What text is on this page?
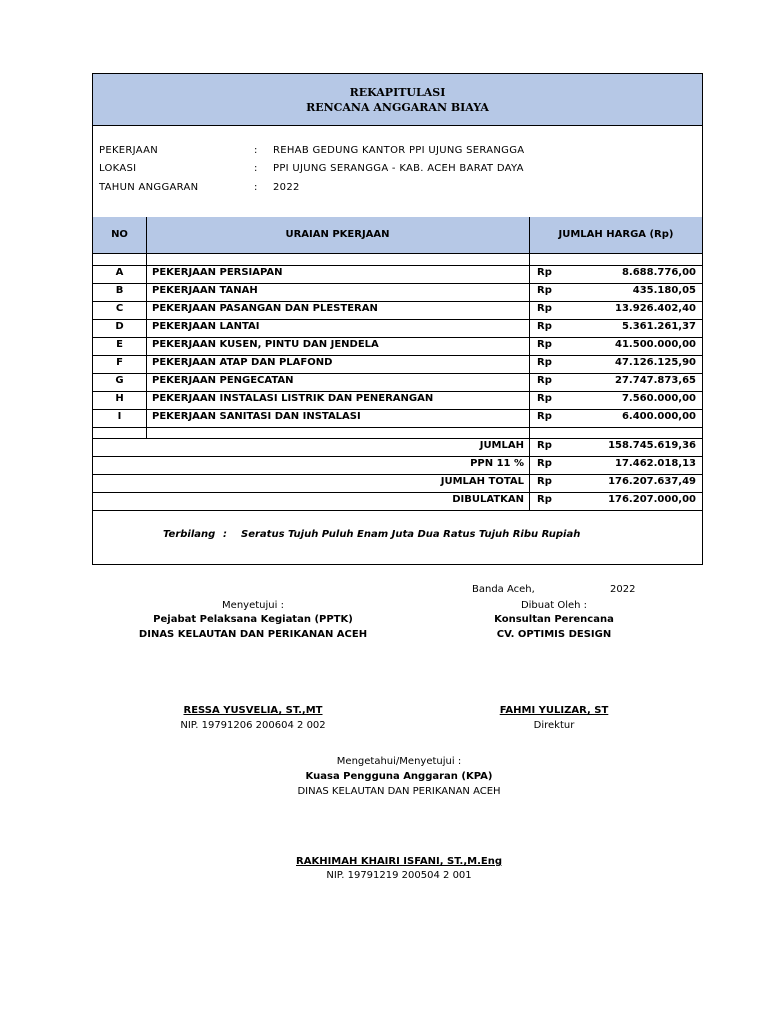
REKAPITULASI
RENCANA ANGGARAN BIAYA
PEKERJAAN	: REHAB GEDUNG KANTOR PPI UJUNG SERANGGA
LOKASI	: PPI UJUNG SERANGGA - KAB. ACEH BARAT DAYA
TAHUN ANGGARAN	: 2022
NO	URAIAN PKERJAAN	JUMLAH HARGA (Rp)
A	PEKERJAAN PERSIAPAN	Rp	8.688.776,00
B	PEKERJAAN TANAH	Rp	435.180,05
C	PEKERJAAN PASANGAN DAN PLESTERAN	Rp	13.926.402,40
D	PEKERJAAN LANTAI	Rp	5.361.261,37
E	PEKERJAAN KUSEN, PINTU DAN JENDELA	Rp	41.500.000,00
F	PEKERJAAN ATAP DAN PLAFOND	Rp	47.126.125,90
G	PEKERJAAN PENGECATAN	Rp	27.747.873,65
H	PEKERJAAN INSTALASI LISTRIK DAN PENERANGAN	Rp	7.560.000,00
I	PEKERJAAN SANITASI DAN INSTALASI	Rp	6.400.000,00
JUMLAH Rp	158.745.619,36
PPN 11 % Rp	17.462.018,13
JUMLAH TOTAL Rp	176.207.637,49
DIBULATKAN Rp	176.207.000,00
Terbilang : Seratus Tujuh Puluh Enam Juta Dua Ratus Tujuh Ribu Rupiah
Banda Aceh,	2022
Menyetujui :
Pejabat Pelaksana Kegiatan (PPTK)
DINAS KELAUTAN DAN PERIKANAN ACEH
RESSA YUSVELIA, ST.,MT
NIP. 19791206 200604 2 002
Dibuat Oleh :
Konsultan Perencana
CV. OPTIMIS DESIGN
FAHMI YULIZAR, ST
Direktur
Mengetahui/Menyetujui :
Kuasa Pengguna Anggaran (KPA)
DINAS KELAUTAN DAN PERIKANAN ACEH
RAKHIMAH KHAIRI ISFANI, ST.,M.Eng
NIP. 19791219 200504 2 001
